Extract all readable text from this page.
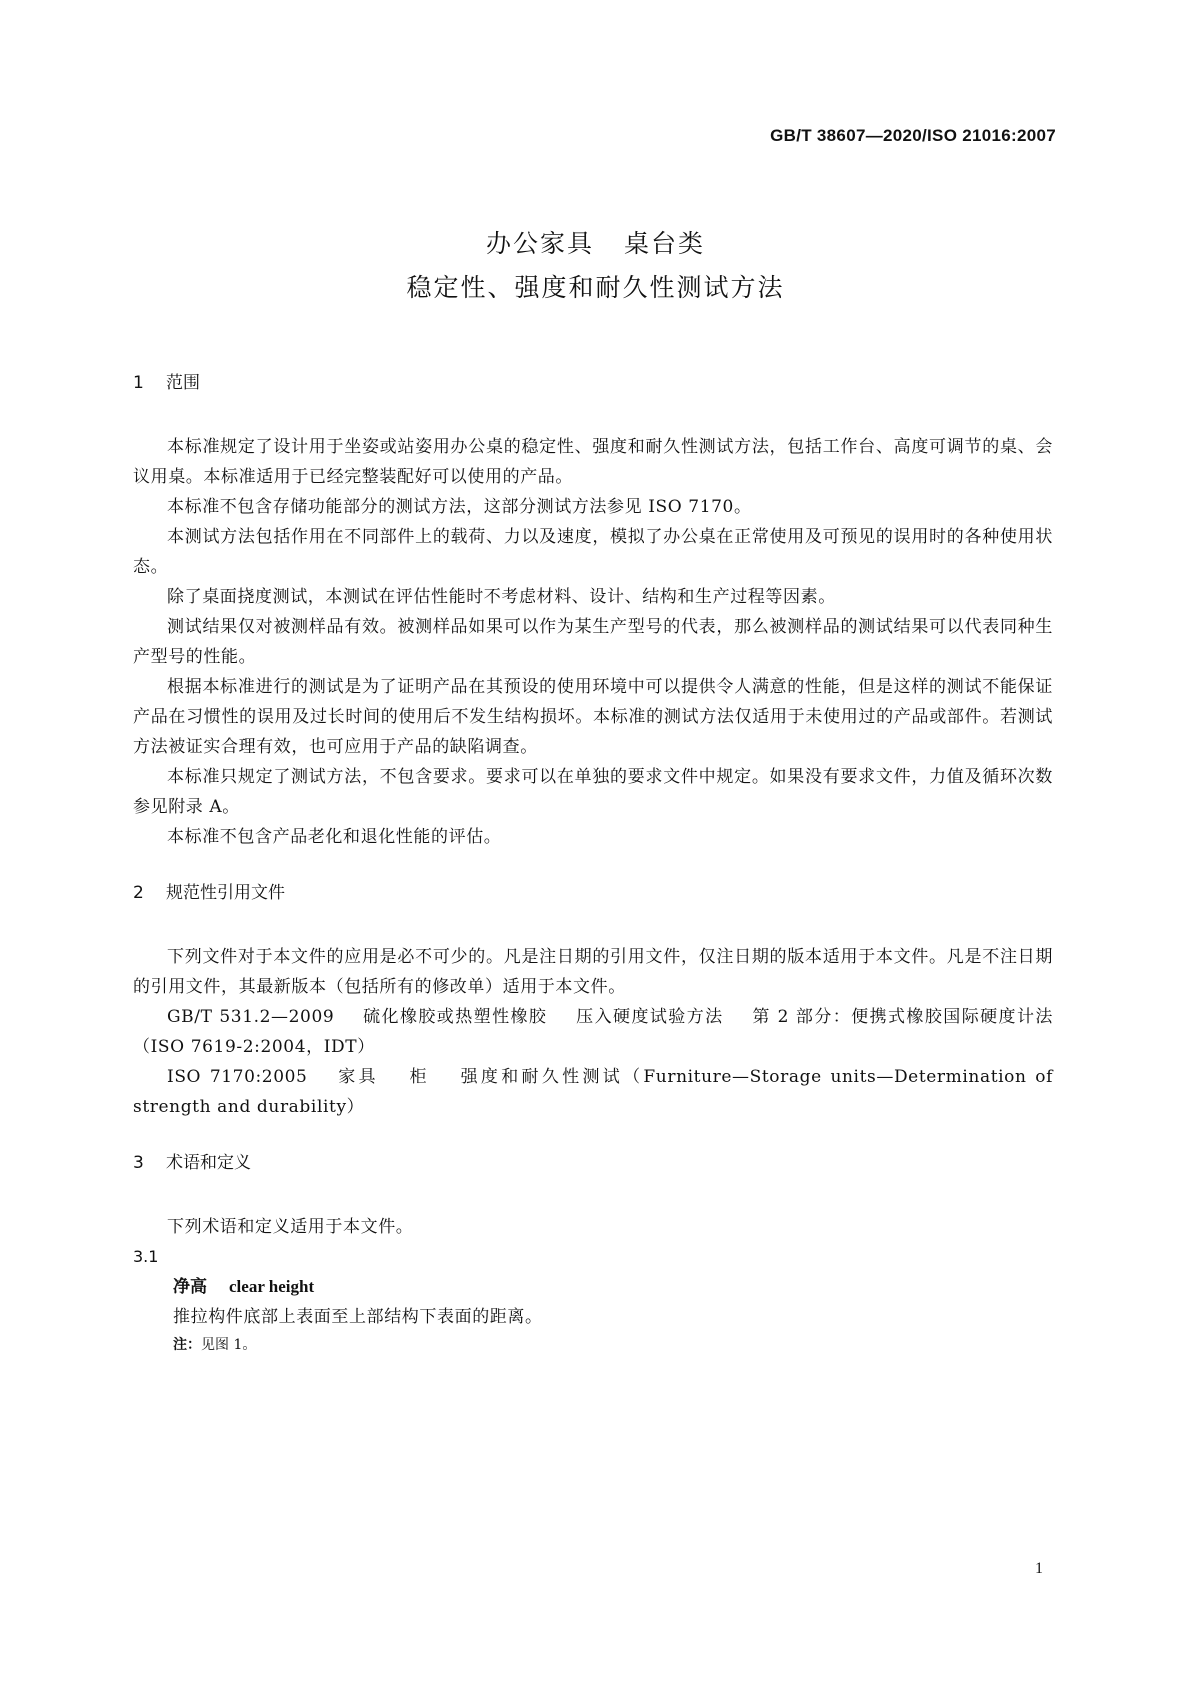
GB/T 38607—2020/ISO 21016:2007
办公家具 桌台类
稳定性、强度和耐久性测试方法
1 范围

本标准规定了设计用于坐姿或站姿用办公桌的稳定性、强度和耐久性测试方法，包括工作台、高度可调节的桌、会议用桌。本标准适用于已经完整装配好可以使用的产品。

本标准不包含存储功能部分的测试方法，这部分测试方法参见 ISO 7170。

本测试方法包括作用在不同部件上的载荷、力以及速度，模拟了办公桌在正常使用及可预见的误用时的各种使用状态。

除了桌面挠度测试，本测试在评估性能时不考虑材料、设计、结构和生产过程等因素。

测试结果仅对被测样品有效。被测样品如果可以作为某生产型号的代表，那么被测样品的测试结果可以代表同种生产型号的性能。

根据本标准进行的测试是为了证明产品在其预设的使用环境中可以提供令人满意的性能，但是这样的测试不能保证产品在习惯性的误用及过长时间的使用后不发生结构损坏。本标准的测试方法仅适用于未使用过的产品或部件。若测试方法被证实合理有效，也可应用于产品的缺陷调查。

本标准只规定了测试方法，不包含要求。要求可以在单独的要求文件中规定。如果没有要求文件，力值及循环次数参见附录 A。

本标准不包含产品老化和退化性能的评估。

2 规范性引用文件

下列文件对于本文件的应用是必不可少的。凡是注日期的引用文件，仅注日期的版本适用于本文件。凡是不注日期的引用文件，其最新版本（包括所有的修改单）适用于本文件。

GB/T 531.2—2009 硫化橡胶或热塑性橡胶 压入硬度试验方法 第 2 部分：便携式橡胶国际硬度计法（ISO 7619-2:2004，IDT）

ISO 7170:2005 家具 柜 强度和耐久性测试（Furniture—Storage units—Determination of strength and durability）

3 术语和定义

下列术语和定义适用于本文件。

3.1
净高 clear height
推拉构件底部上表面至上部结构下表面的距离。
注：见图 1。
1
